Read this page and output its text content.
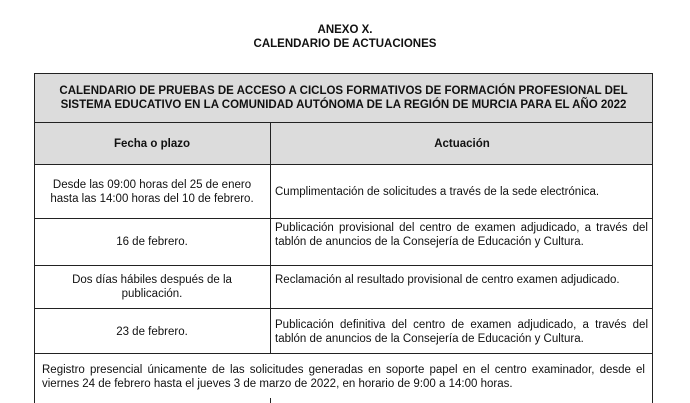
ANEXO X.
CALENDARIO DE ACTUACIONES
CALENDARIO DE PRUEBAS DE ACCESO A CICLOS FORMATIVOS DE FORMACIÓN PROFESIONAL DEL SISTEMA EDUCATIVO EN LA COMUNIDAD AUTÓNOMA DE LA REGIÓN DE MURCIA PARA EL AÑO 2022
Fecha o plazo	Actuación
Desde las 09:00 horas del 25 de enero
hasta las 14:00 horas del 10 de febrero.
Cumplimentación de solicitudes a través de la sede electrónica.
16 de febrero.
Publicación provisional del centro de examen adjudicado, a través del tablón de anuncios de la Consejería de Educación y Cultura.
Dos días hábiles después de la
publicación.
Reclamación al resultado provisional de centro examen adjudicado.
23 de febrero.
Publicación definitiva del centro de examen adjudicado, a través del tablón de anuncios de la Consejería de Educación y Cultura.
Registro presencial únicamente de las solicitudes generadas en soporte papel en el centro examinador, desde el viernes 24 de febrero hasta el jueves 3 de marzo de 2022, en horario de 9:00 a 14:00 horas.
